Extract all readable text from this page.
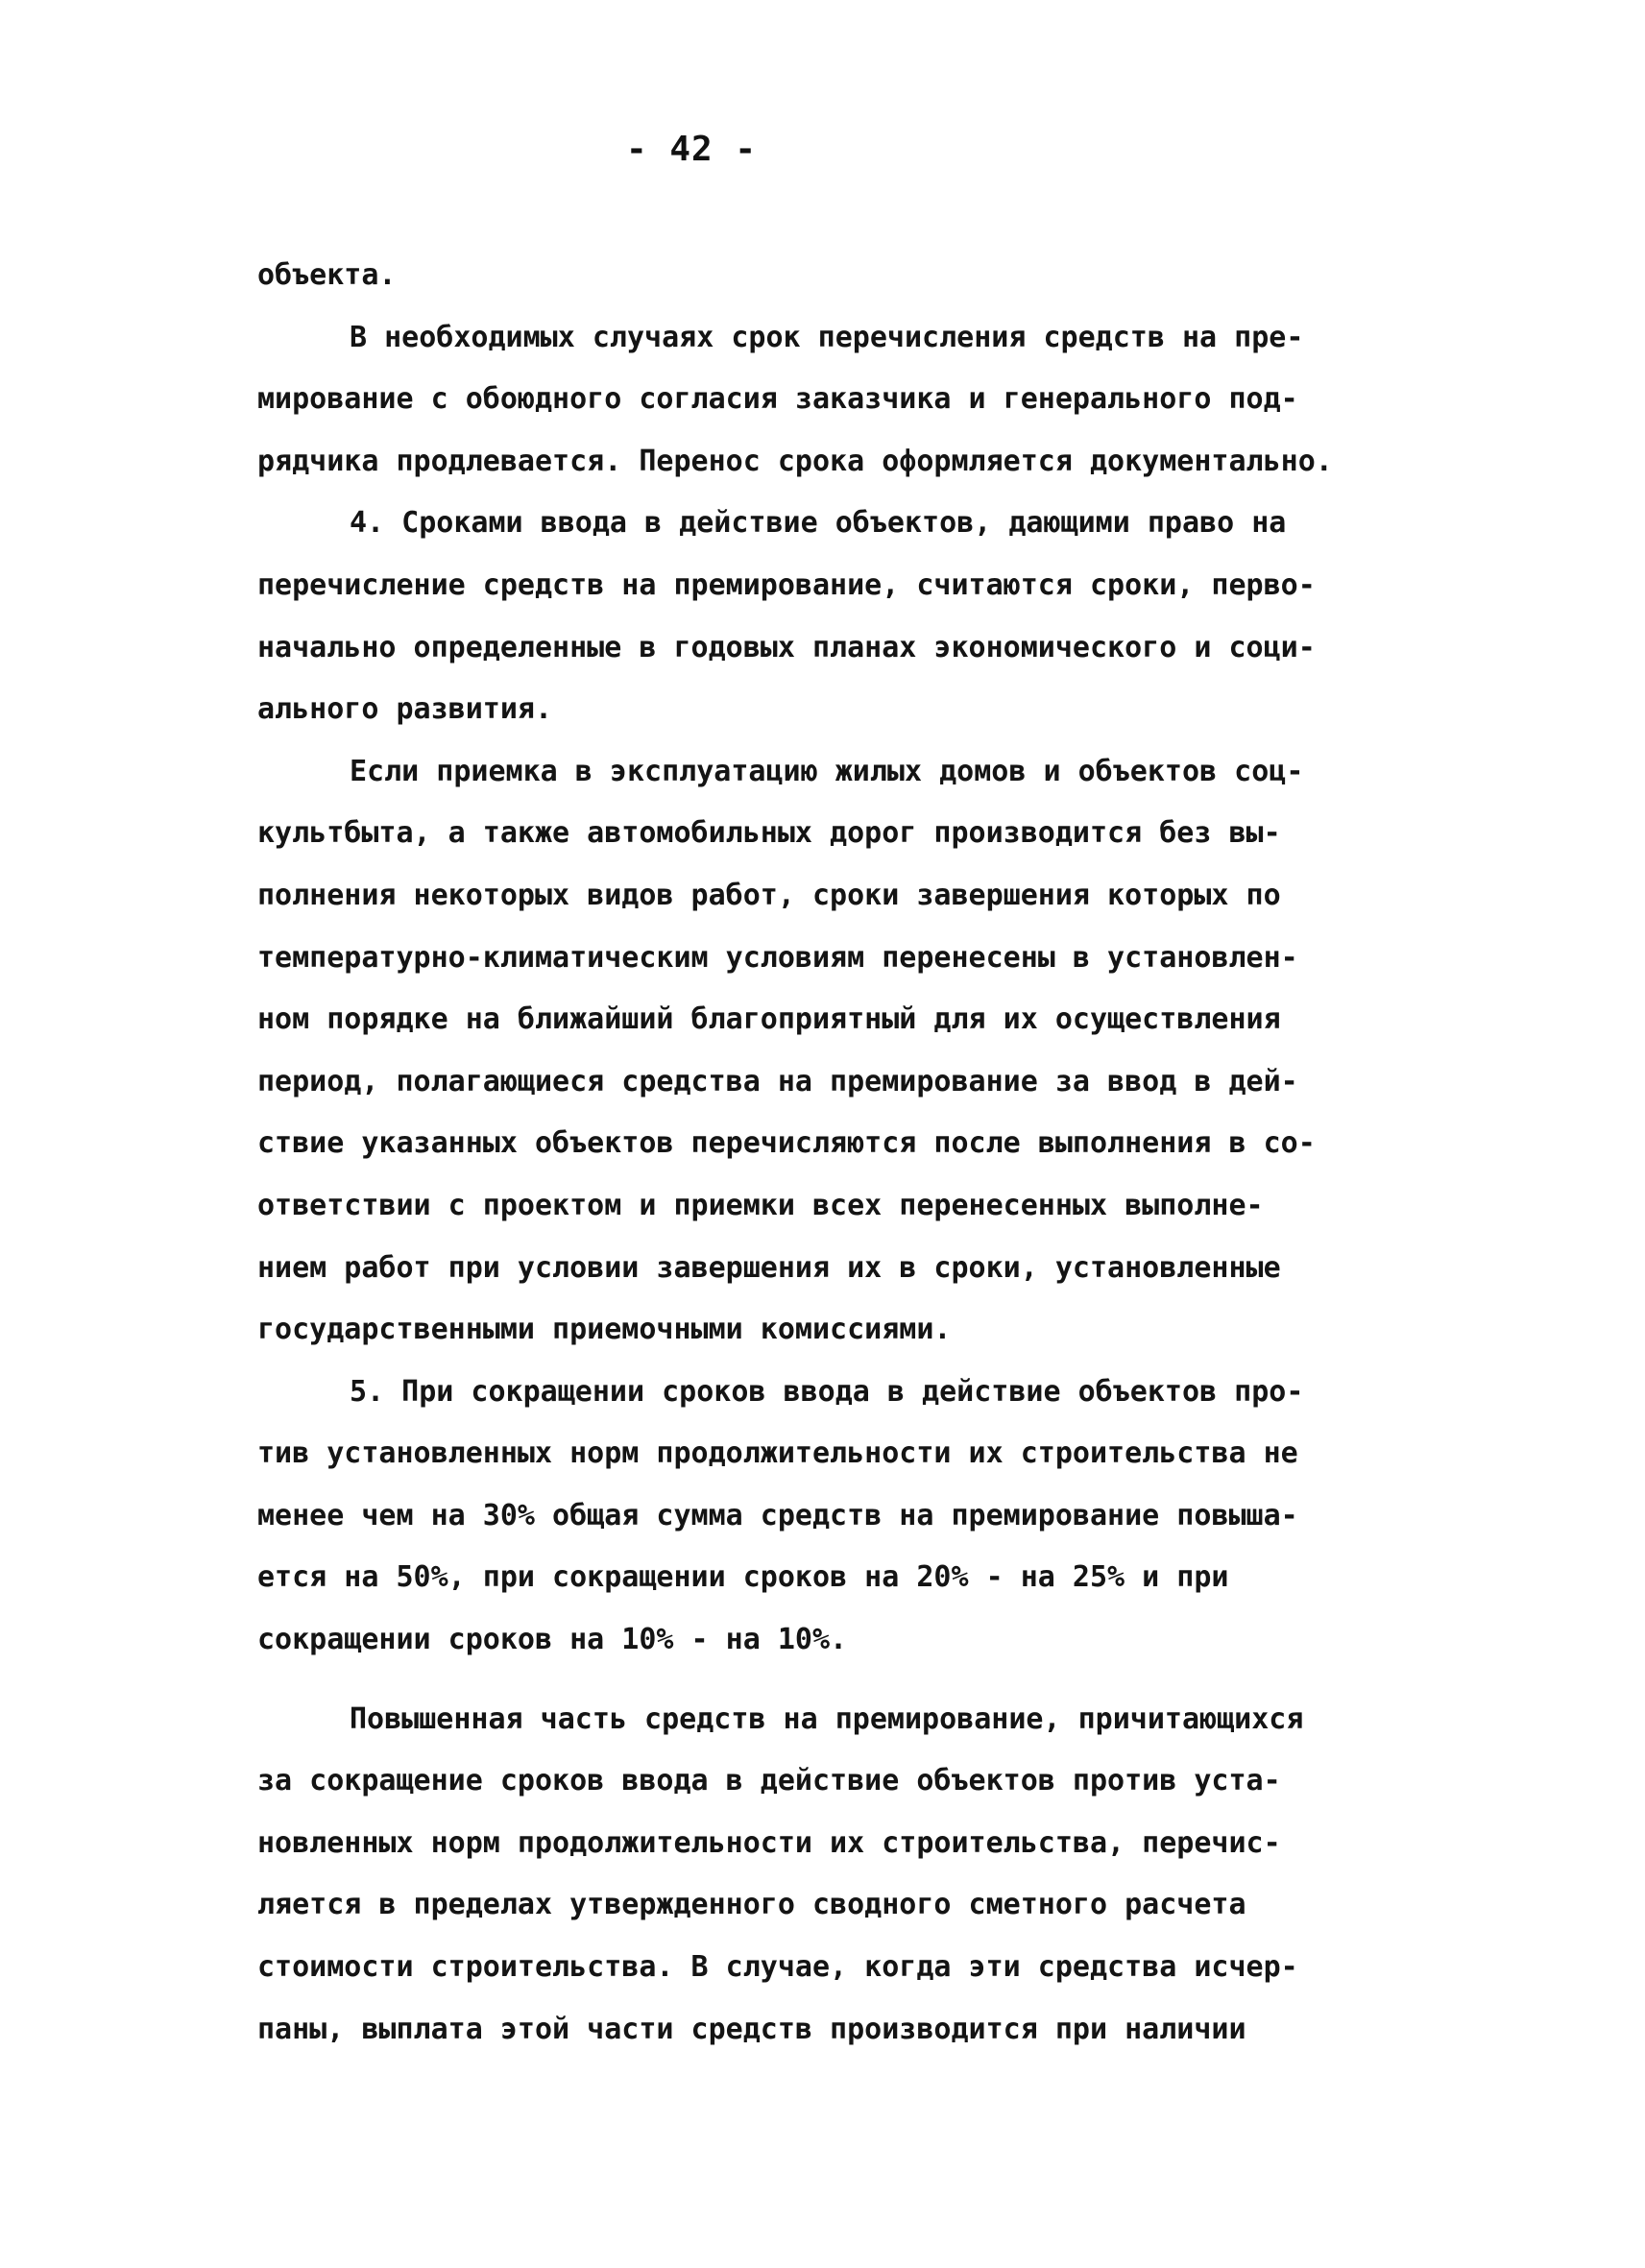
- 42 -
объекта.
В необходимых случаях срок перечисления средств на пре-
мирование с обоюдного согласия заказчика и генерального под-
рядчика продлевается. Перенос срока оформляется документально.
4. Сроками ввода в действие объектов, дающими право на
перечисление средств на премирование, считаются сроки, перво-
начально определенные в годовых планах экономического и соци-
ального развития.
Если приемка в эксплуатацию жилых домов и объектов соц-
культбыта, а также автомобильных дорог производится без вы-
полнения некоторых видов работ, сроки завершения которых по
температурно-климатическим условиям перенесены в установлен-
ном порядке на ближайший благоприятный для их осуществления
период, полагающиеся средства на премирование за ввод в дей-
ствие указанных объектов перечисляются после выполнения в со-
ответствии с проектом и приемки всех перенесенных выполне-
нием работ при условии завершения их в сроки, установленные
государственными приемочными комиссиями.
5. При сокращении сроков ввода в действие объектов про-
тив установленных норм продолжительности их строительства не
менее чем на 30% общая сумма средств на премирование повыша-
ется на 50%, при сокращении сроков на 20% - на 25% и при
сокращении сроков на 10% - на 10%.
Повышенная часть средств на премирование, причитающихся
за сокращение сроков ввода в действие объектов против уста-
новленных норм продолжительности их строительства, перечис-
ляется в пределах утвержденного сводного сметного расчета
стоимости строительства. В случае, когда эти средства исчер-
паны, выплата этой части средств производится при наличии
